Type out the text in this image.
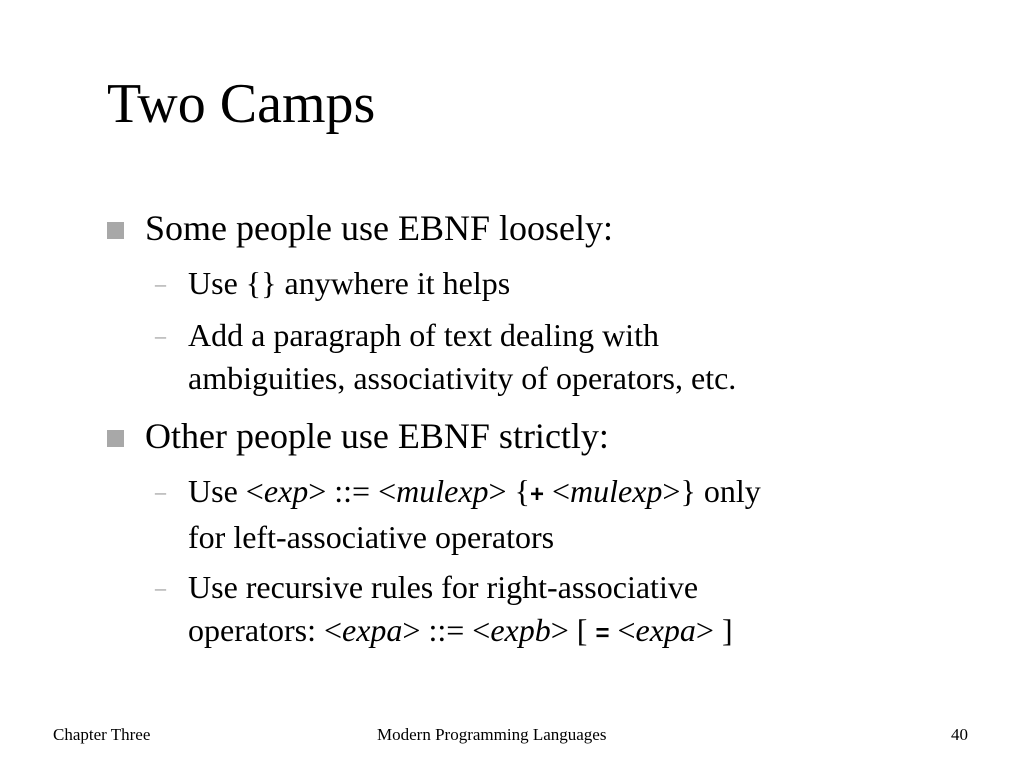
Two Camps
Some people use EBNF loosely:
– Use {} anywhere it helps
– Add a paragraph of text dealing with
ambiguities, associativity of operators, etc.
Other people use EBNF strictly:
– Use <exp> ::= <mulexp> {+ <mulexp>} only
for left-associative operators
– Use recursive rules for right-associative
operators: <expa> ::= <expb> [ = <expa> ]
Chapter Three	Modern Programming Languages	40
